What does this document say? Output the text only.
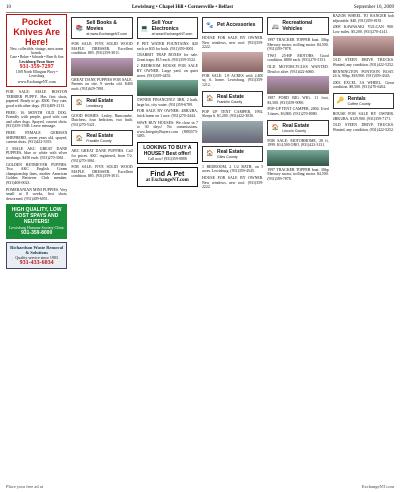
10	Lewisburg • Chapel Hill • Cornersville • Belfast	September 16, 2009
Pocket Knives Are Here!
New, collectible, vintage, most name brands.
Case • Boker • Schrade • Bear & Son
Lewisburg Pawn Store
931-359-7297
1108 North Ellington Pkwy • Lewisburg
www.ExchangeNT.com

FOR SALE: MALE BOSTON TERRIER PUPPY. Has first shots, papered. Ready to go. $300. Very cute, good with other dogs. (931)409-2113.

FREE: 16 MONTH OLD DOG. Friendly with people, good with cats and other dogs. Spayed, current shots. (931)359-1568. Leave message.

FREE FEMALE GERMAN SHEPHERD, seven years old, spayed, current shots. (931)422-5555.

5 MALE AKC GREAT DANE PUPPIES, blue or white with silver markings. $450 each. (931)270-3061.

GOLDEN RETRIEVER PUPPIES. Two AKC English Cream championship lines, mother American Golden Retriever Club member. (931)408-0023.

POMERANIAN MINI PUPPIES. Very small at 8 weeks, first shots, dewormed. (931)409-6051.

HIGH QUALITY, LOW COST SPAYS AND NEUTERS!
Lewisburg Humane Society Clinic
931-359-8000
Richardson Waste Removal & Solutions
Quality service since 1983
931-433-6034
📚
Sell Books & Movies
at www.ExchangeNT.com

FOR SALE: FIVE SOLID WOOD MAPLE DRESSER. Excellent condition. $85. (931)359-3011.

GREAT DANE PUPPIES FOR SALE. Parents on site, 9 weeks old. $400 each. (931)629-7801.

🏠 Real Estate
Lewisburg

GOOD HOMES. Lesley, Buncombe, Dutchess, four bedroom, two bath. (931)270-5321.

🏠 Real Estate
Franklin County

ARC GREAT DANE PUPPIES. Call for prices. AKC registered, born 7/2. (931)270-3061.

FOR SALE: FIVE SOLID WOOD MAPLE DRESSER. Excellent condition. $85. (931)359-3011.

💻
Sell Your Electronics
at www.ExchangeNT.com

P. PET WATER FOUNTAINS. $20 each or $35 for both. (931)359-0001.

CRABBIT TRAP BOXES for sale. Great traps. $15 each. (931)359-5522.

2 BEDROOM HOUSE FOR SALE BY OWNER. Large yard, on quiet street. (931)359-4455.

OWNER FINANCING! 3BR, 2 bath, large lot, city water. (931)359-6789.

FOR SALE BY OWNER: 4BR/2BA, brick home on 1 acre. (931)270-4444.

SSWE BUY HOUSES: We close in 7 to 30 days! No commissions. www.IntegrityBuyers.com (888)573-3485.

LOOKING TO BUY A HOUSE? Best offer!
Call now! (931)359-8888
Find A Pet
at ExchangeNT.com
🐾 Pet Accessories

HOUSE FOR SALE BY OWNER. New windows, new roof. (931)359-2222.

FOR SALE: 1.8 ACRES with 2,400 sq. ft. home. Lewisburg. (931)359-1212.

🏠 Real Estate
Franklin County

POP UP TENT CAMPER, 1992. Sleeps 6. $1,200. (931)422-3030.

🏠 Real Estate
Giles County

1 BEDROOM, 2 1/2 BATH, on 5 acres. Lewisburg. (931)359-4545.

HOUSE FOR SALE BY OWNER. New windows, new roof. (931)359-2222.

🚐
Recreational Vehicles

1997 TRACKER TOPPER boat. 30hp Mercury motor, trolling motor. $4,500. (931)359-7878.

TWO 25-HP MOTORS. Good condition. $800 each. (931)270-5151.

OLD MOTORCYCLES WANTED. Dead or alive. (931)422-6060.

1987 FORD BIG WIG. 11 foot, $3,500. (931)359-9090.

POP-UP TENT CAMPER, 2004. Used 3 times. $3,800. (931)270-8080.

🏠 Real Estate
Lincoln County

FOR SALE: MOTORHOME, 28 ft, 1999. $14,500 OBO. (931)422-3131.

1997 TRACKER TOPPER boat. 30hp Mercury motor, trolling motor. $4,500. (931)359-7878.

RAZOR WHEEL TO RANGER bob adjustable. $40. (931)359-8181.

2008 KAWASAKI VULCAN 900. Low miles. $5,200. (931)270-4141.

OLD STEEN DRIVE TRUCKS. Wanted, any condition. (931)422-5252.

BENNINGTON PONTOON BOAT. 24 ft, 90hp. $18,900. (931)359-4343.

2003 EXCEL 3A WHEEL. Great condition. $8,500. (931)270-6262.

🔑 Rentals
Coffee County

HOUSE FOR SALE BY OWNER. 4BR/2BA. $129,900. (931)359-7171.

OLD STEEN DRIVE TRUCKS. Wanted, any condition. (931)422-5252.

Place your free ad at	ExchangeNT.com
